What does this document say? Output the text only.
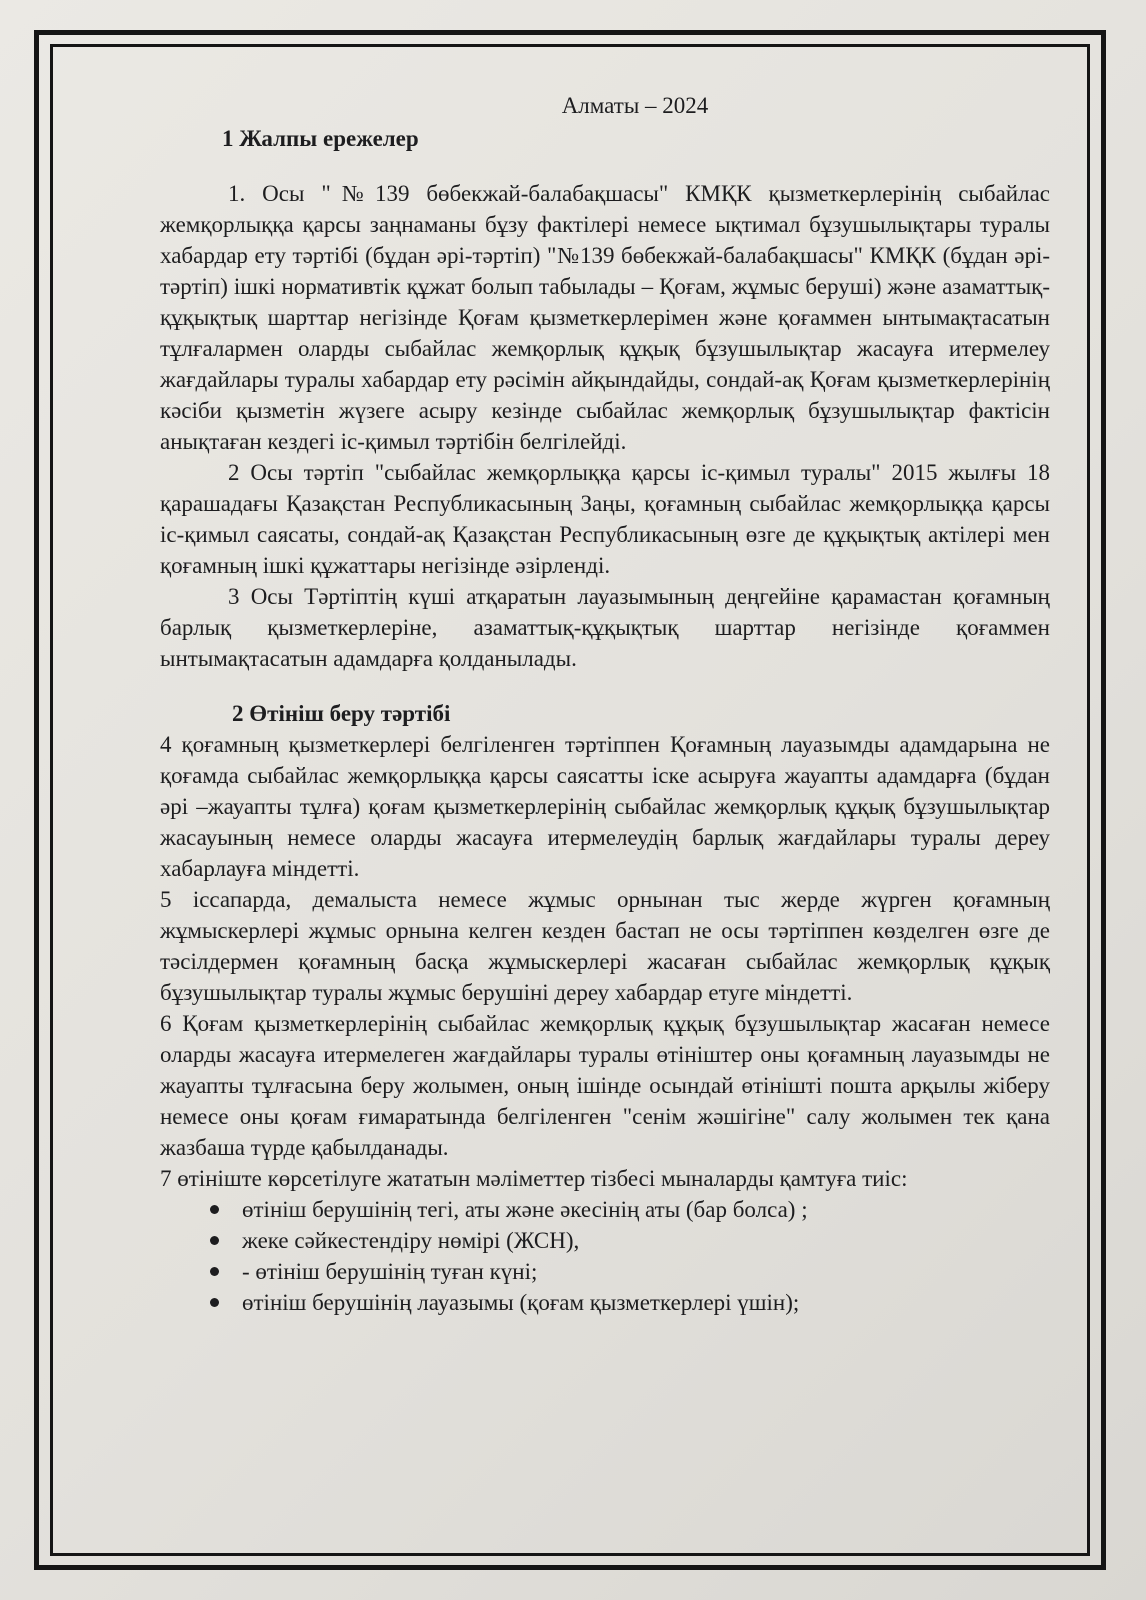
Алматы – 2024
1 Жалпы ережелер

1. Осы "№139 бөбекжай-балабақшасы" КМҚК қызметкерлерінің сыбайлас жемқорлыққа қарсы заңнаманы бұзу фактілері немесе ықтимал бұзушылықтары туралы хабардар ету тәртібі (бұдан әрі-тәртіп) "№139 бөбекжай-балабақшасы" КМҚК (бұдан әрі-тәртіп) ішкі нормативтік құжат болып табылады – Қоғам, жұмыс беруші) және азаматтық-құқықтық шарттар негізінде Қоғам қызметкерлерімен және қоғаммен ынтымақтасатын тұлғалармен оларды сыбайлас жемқорлық құқық бұзушылықтар жасауға итермелеу жағдайлары туралы хабардар ету рәсімін айқындайды, сондай-ақ Қоғам қызметкерлерінің кәсіби қызметін жүзеге асыру кезінде сыбайлас жемқорлық бұзушылықтар фактісін анықтаған кездегі іс-қимыл тәртібін белгілейді.

2 Осы тәртіп "сыбайлас жемқорлыққа қарсы іс-қимыл туралы" 2015 жылғы 18 қарашадағы Қазақстан Республикасының Заңы, қоғамның сыбайлас жемқорлыққа қарсы іс-қимыл саясаты, сондай-ақ Қазақстан Республикасының өзге де құқықтық актілері мен қоғамның ішкі құжаттары негізінде әзірленді.

3 Осы Тәртіптің күші атқаратын лауазымының деңгейіне қарамастан қоғамның барлық қызметкерлеріне, азаматтық-құқықтық шарттар негізінде қоғаммен ынтымақтасатын адамдарға қолданылады.

2 Өтініш беру тәртібі

4 қоғамның қызметкерлері белгіленген тәртіппен Қоғамның лауазымды адамдарына не қоғамда сыбайлас жемқорлыққа қарсы саясатты іске асыруға жауапты адамдарға (бұдан әрі –жауапты тұлға) қоғам қызметкерлерінің сыбайлас жемқорлық құқық бұзушылықтар жасауының немесе оларды жасауға итермелеудің барлық жағдайлары туралы дереу хабарлауға міндетті.

5 іссапарда, демалыста немесе жұмыс орнынан тыс жерде жүрген қоғамның жұмыскерлері жұмыс орнына келген кезден бастап не осы тәртіппен көзделген өзге де тәсілдермен қоғамның басқа жұмыскерлері жасаған сыбайлас жемқорлық құқық бұзушылықтар туралы жұмыс берушіні дереу хабардар етуге міндетті.

6 Қоғам қызметкерлерінің сыбайлас жемқорлық құқық бұзушылықтар жасаған немесе оларды жасауға итермелеген жағдайлары туралы өтініштер оны қоғамның лауазымды не жауапты тұлғасына беру жолымен, оның ішінде осындай өтінішті пошта арқылы жіберу немесе оны қоғам ғимаратында белгіленген "сенім жәшігіне" салу жолымен тек қана жазбаша түрде қабылданады.

7 өтініште көрсетілуге жататын мәліметтер тізбесі мыналарды қамтуға тиіс:

өтініш берушінің тегі, аты және әкесінің аты (бар болса) ;
жеке сәйкестендіру нөмірі (ЖСН),
- өтініш берушінің туған күні;
өтініш берушінің лауазымы (қоғам қызметкерлері үшін);
